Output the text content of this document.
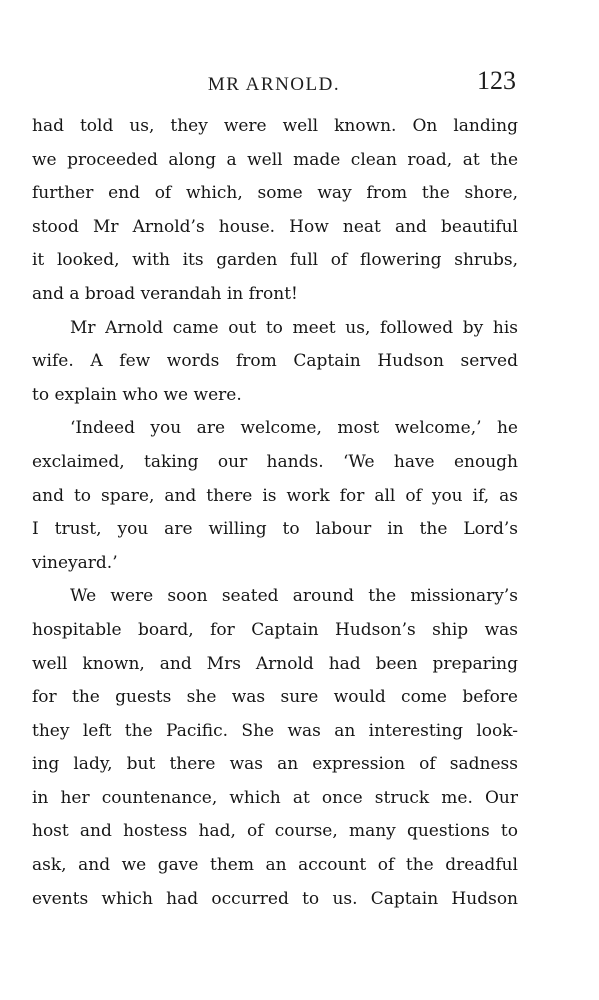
MR ARNOLD.	123
had told us, they were well known. On landing
we proceeded along a well made clean road, at the
further end of which, some way from the shore,
stood Mr Arnold’s house. How neat and beautiful
it looked, with its garden full of flowering shrubs,
and a broad verandah in front!
Mr Arnold came out to meet us, followed by his
wife. A few words from Captain Hudson served
to explain who we were.
‘Indeed you are welcome, most welcome,’ he
exclaimed, taking our hands. ‘We have enough
and to spare, and there is work for all of you if, as
I trust, you are willing to labour in the Lord’s
vineyard.’
We were soon seated around the missionary’s
hospitable board, for Captain Hudson’s ship was
well known, and Mrs Arnold had been preparing
for the guests she was sure would come before
they left the Pacific. She was an interesting look-
ing lady, but there was an expression of sadness
in her countenance, which at once struck me. Our
host and hostess had, of course, many questions to
ask, and we gave them an account of the dreadful
events which had occurred to us. Captain Hudson
